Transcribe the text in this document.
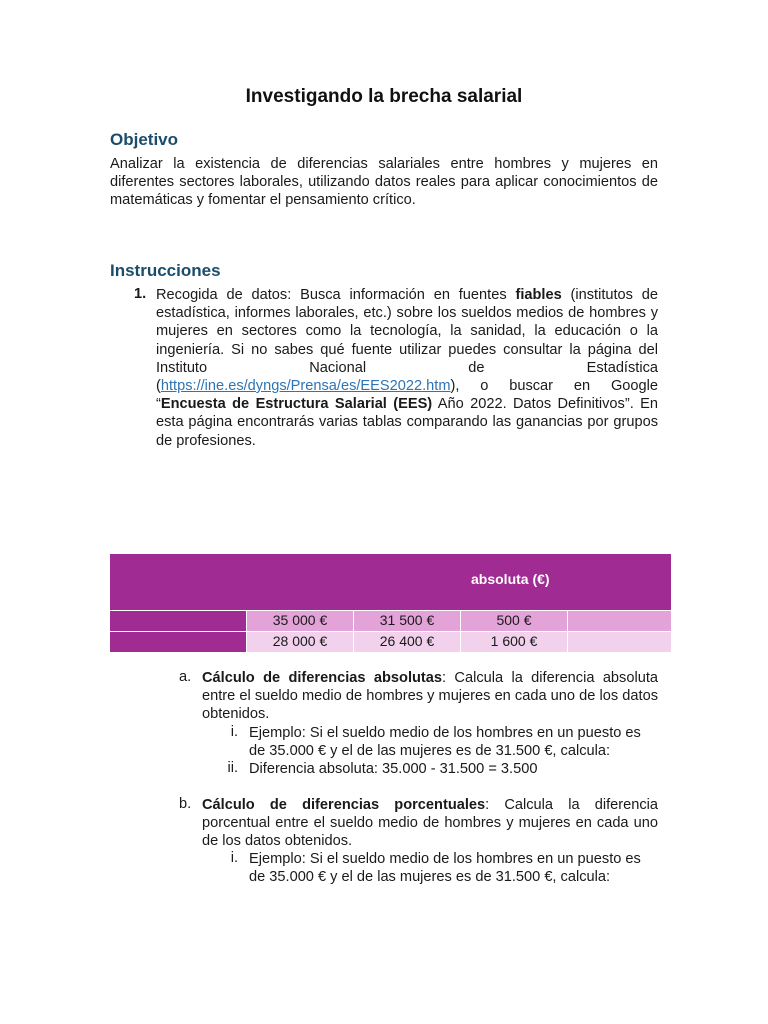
Investigando la brecha salarial
Objetivo
Analizar la existencia de diferencias salariales entre hombres y mujeres en diferentes sectores laborales, utilizando datos reales para aplicar conocimientos de matemáticas y fomentar el pensamiento crítico.
Instrucciones
1. Recogida de datos: Busca información en fuentes fiables (institutos de estadística, informes laborales, etc.) sobre los sueldos medios de hombres y mujeres en sectores como la tecnología, la sanidad, la educación o la ingeniería. Si no sabes qué fuente utilizar puedes consultar la página del Instituto Nacional de Estadística (https://ine.es/dyngs/Prensa/es/EES2022.htm), o buscar en Google “Encuesta de Estructura Salarial (EES) Año 2022. Datos Definitivos”. En esta página encontrarás varias tablas comparando las ganancias por grupos de profesiones.
absoluta (€)
35 000 €	31 500 €	500 €
28 000 €	26 400 €	1 600 €
a. Cálculo de diferencias absolutas: Calcula la diferencia absoluta entre el sueldo medio de hombres y mujeres en cada uno de los datos obtenidos.
i. Ejemplo: Si el sueldo medio de los hombres en un puesto es de 35.000 € y el de las mujeres es de 31.500 €, calcula:
ii. Diferencia absoluta: 35.000 - 31.500 = 3.500
b. Cálculo de diferencias porcentuales: Calcula la diferencia porcentual entre el sueldo medio de hombres y mujeres en cada uno de los datos obtenidos.
i. Ejemplo: Si el sueldo medio de los hombres en un puesto es de 35.000 € y el de las mujeres es de 31.500 €, calcula:
